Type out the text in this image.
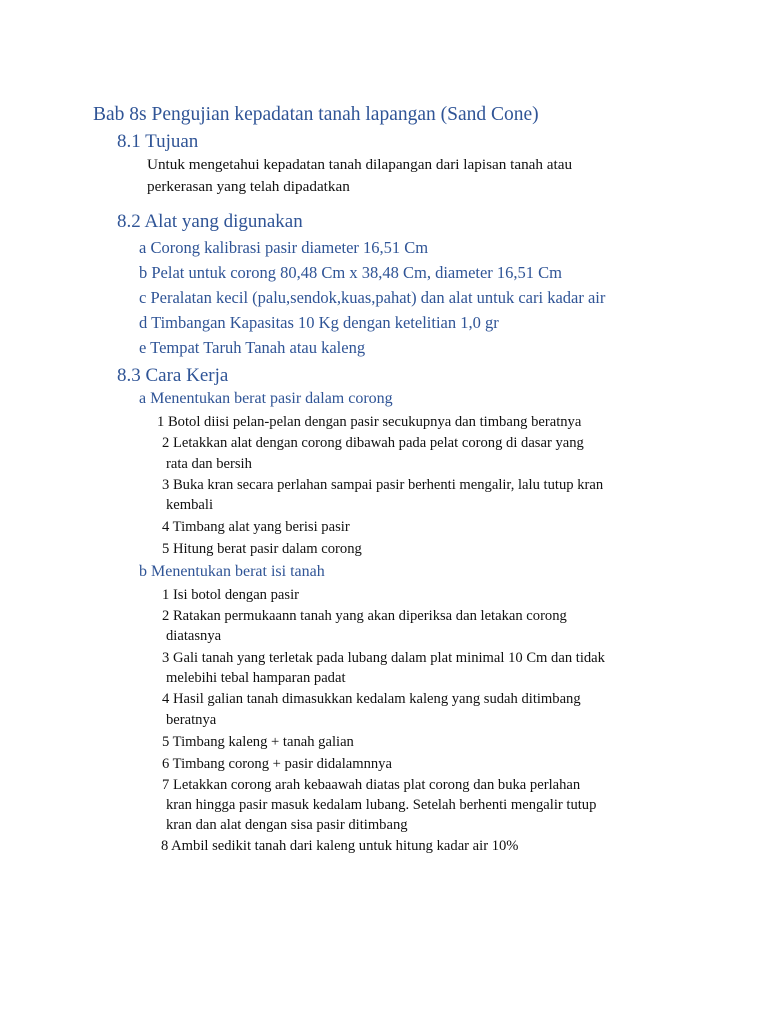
Bab 8s Pengujian kepadatan tanah lapangan (Sand Cone)
8.1 Tujuan
Untuk mengetahui kepadatan tanah dilapangan dari lapisan tanah atau
perkerasan yang telah dipadatkan
8.2 Alat yang digunakan
a Corong kalibrasi pasir diameter 16,51 Cm
b Pelat untuk corong 80,48 Cm x 38,48 Cm, diameter 16,51 Cm
c Peralatan kecil (palu,sendok,kuas,pahat) dan alat untuk cari kadar air
d Timbangan Kapasitas 10 Kg dengan ketelitian 1,0 gr
e Tempat Taruh Tanah atau kaleng
8.3 Cara Kerja
a Menentukan berat pasir dalam corong
1 Botol diisi pelan-pelan dengan pasir secukupnya dan timbang beratnya
2 Letakkan alat dengan corong dibawah pada pelat corong di dasar yang
rata dan bersih
3 Buka kran secara perlahan sampai pasir berhenti mengalir, lalu tutup kran
kembali
4 Timbang alat yang berisi pasir
5 Hitung berat pasir dalam corong
b Menentukan berat isi tanah
1 Isi botol dengan pasir
2 Ratakan permukaann tanah yang akan diperiksa dan letakan corong
diatasnya
3 Gali tanah yang terletak pada lubang dalam plat minimal 10 Cm dan tidak
melebihi tebal hamparan padat
4 Hasil galian tanah dimasukkan kedalam kaleng yang sudah ditimbang
beratnya
5 Timbang kaleng + tanah galian
6 Timbang corong + pasir didalamnnya
7 Letakkan corong arah kebaawah diatas plat corong dan buka perlahan
kran hingga pasir masuk kedalam lubang. Setelah berhenti mengalir tutup
kran dan alat dengan sisa pasir ditimbang
8 Ambil sedikit tanah dari kaleng untuk hitung kadar air 10%
